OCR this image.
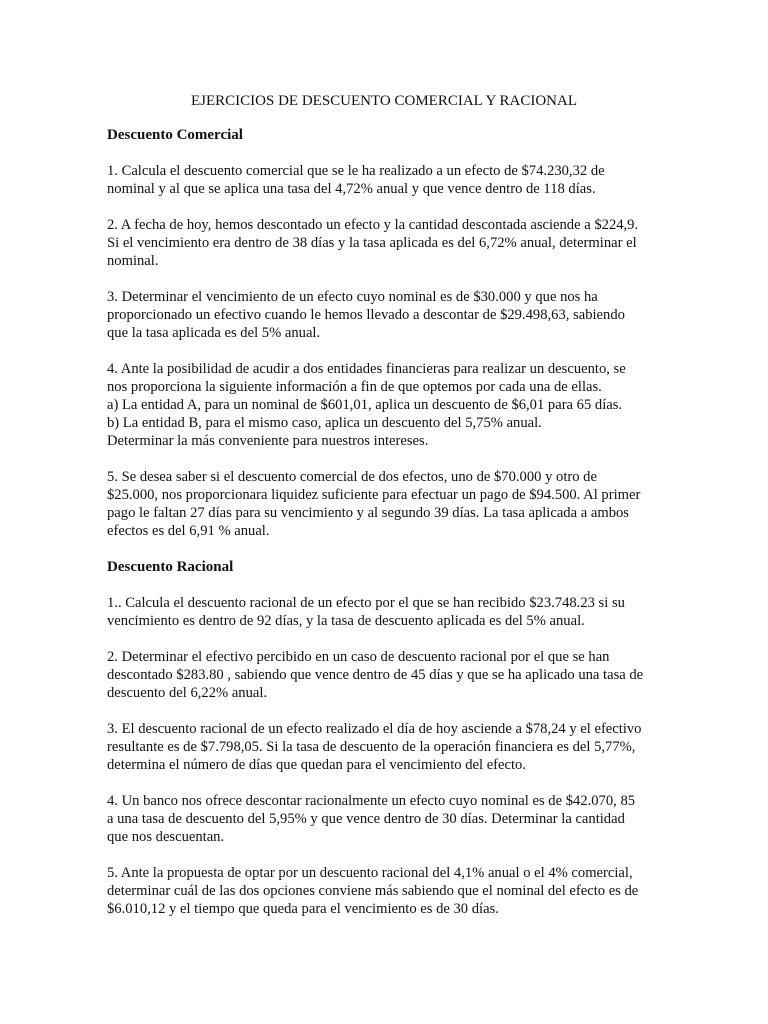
EJERCICIOS DE DESCUENTO COMERCIAL Y RACIONAL
Descuento Comercial
1. Calcula el descuento comercial que se le ha realizado a un efecto de $74.230,32 de
nominal y al que se aplica una tasa del 4,72% anual y que vence dentro de 118 días.
2. A fecha de hoy, hemos descontado un efecto y la cantidad descontada asciende a $224,9.
Si el vencimiento era dentro de 38 días y la tasa aplicada es del 6,72% anual, determinar el
nominal.
3. Determinar el vencimiento de un efecto cuyo nominal es de $30.000 y que nos ha
proporcionado un efectivo cuando le hemos llevado a descontar de $29.498,63, sabiendo
que la tasa aplicada es del 5% anual.
4. Ante la posibilidad de acudir a dos entidades financieras para realizar un descuento, se
nos proporciona la siguiente información a fin de que optemos por cada una de ellas.
a) La entidad A, para un nominal de $601,01, aplica un descuento de $6,01 para 65 días.
b) La entidad B, para el mismo caso, aplica un descuento del 5,75% anual.
Determinar la más conveniente para nuestros intereses.
5. Se desea saber si el descuento comercial de dos efectos, uno de $70.000 y otro de
$25.000, nos proporcionara liquidez suficiente para efectuar un pago de $94.500. Al primer
pago le faltan 27 días para su vencimiento y al segundo 39 días. La tasa aplicada a ambos
efectos es del 6,91 % anual.
Descuento Racional
1.. Calcula el descuento racional de un efecto por el que se han recibido $23.748.23 si su
vencimiento es dentro de 92 días, y la tasa de descuento aplicada es del 5% anual.
2. Determinar el efectivo percibido en un caso de descuento racional por el que se han
descontado $283.80 , sabiendo que vence dentro de 45 días y que se ha aplicado una tasa de
descuento del 6,22% anual.
3. El descuento racional de un efecto realizado el día de hoy asciende a $78,24 y el efectivo
resultante es de $7.798,05. Si la tasa de descuento de la operación financiera es del 5,77%,
determina el número de días que quedan para el vencimiento del efecto.
4. Un banco nos ofrece descontar racionalmente un efecto cuyo nominal es de $42.070, 85
a una tasa de descuento del 5,95% y que vence dentro de 30 días. Determinar la cantidad
que nos descuentan.
5. Ante la propuesta de optar por un descuento racional del 4,1% anual o el 4% comercial,
determinar cuál de las dos opciones conviene más sabiendo que el nominal del efecto es de
$6.010,12 y el tiempo que queda para el vencimiento es de 30 días.
